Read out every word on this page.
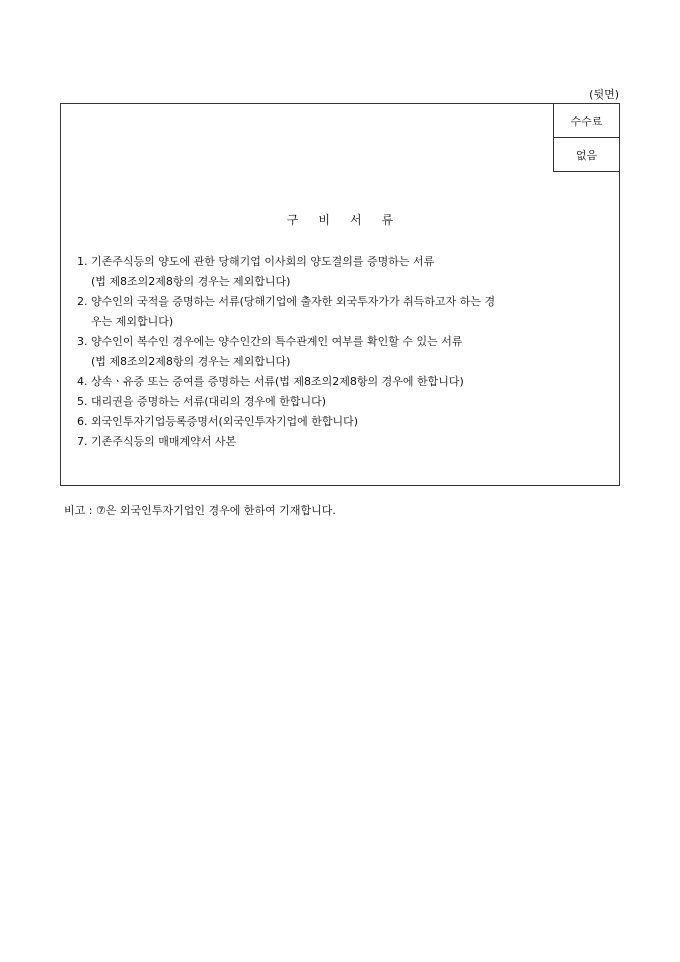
(뒷면)
수수료
없음
구비서류
1. 기존주식등의 양도에 관한 당해기업 이사회의 양도결의를 증명하는 서류
(법 제8조의2제8항의 경우는 제외합니다)
2. 양수인의 국적을 증명하는 서류(당해기업에 출자한 외국투자가가 취득하고자 하는 경
우는 제외합니다)
3. 양수인이 복수인 경우에는 양수인간의 특수관계인 여부를 확인할 수 있는 서류
(법 제8조의2제8항의 경우는 제외합니다)
4. 상속ㆍ유증 또는 증여를 증명하는 서류(법 제8조의2제8항의 경우에 한합니다)
5. 대리권을 증명하는 서류(대리의 경우에 한합니다)
6. 외국인투자기업등록증명서(외국인투자기업에 한합니다)
7. 기존주식등의 매매계약서 사본
비고 : ⑦은 외국인투자기업인 경우에 한하여 기재합니다.
